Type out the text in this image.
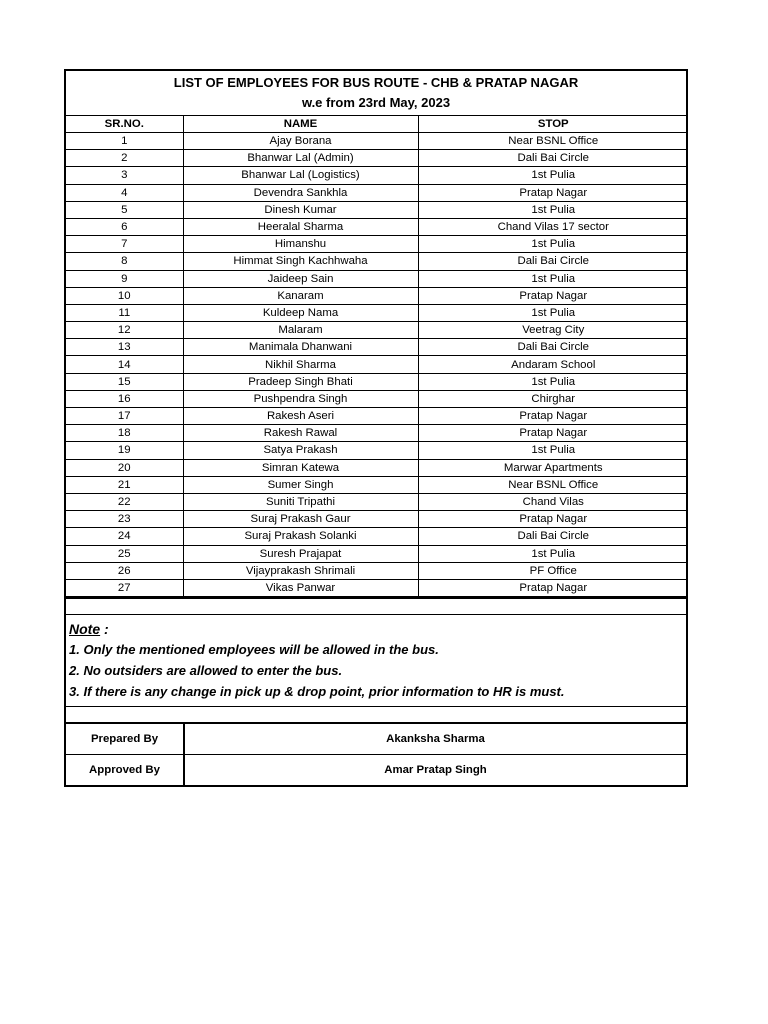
LIST OF EMPLOYEES FOR BUS ROUTE - CHB & PRATAP NAGAR
w.e from 23rd May, 2023
SR.NO.	NAME	STOP
1	Ajay Borana	Near BSNL Office
2	Bhanwar Lal (Admin)	Dali Bai Circle
3	Bhanwar Lal (Logistics)	1st Pulia
4	Devendra Sankhla	Pratap Nagar
5	Dinesh Kumar	1st Pulia
6	Heeralal Sharma	Chand Vilas 17 sector
7	Himanshu	1st Pulia
8	Himmat Singh Kachhwaha	Dali Bai Circle
9	Jaideep Sain	1st Pulia
10	Kanaram	Pratap Nagar
11	Kuldeep Nama	1st Pulia
12	Malaram	Veetrag City
13	Manimala Dhanwani	Dali Bai Circle
14	Nikhil Sharma	Andaram School
15	Pradeep Singh Bhati	1st Pulia
16	Pushpendra Singh	Chirghar
17	Rakesh Aseri	Pratap Nagar
18	Rakesh Rawal	Pratap Nagar
19	Satya Prakash	1st Pulia
20	Simran Katewa	Marwar Apartments
21	Sumer Singh	Near BSNL Office
22	Suniti Tripathi	Chand Vilas
23	Suraj Prakash Gaur	Pratap Nagar
24	Suraj Prakash Solanki	Dali Bai Circle
25	Suresh Prajapat	1st Pulia
26	Vijayprakash Shrimali	PF Office
27	Vikas Panwar	Pratap Nagar
Note :
1. Only the mentioned employees will be allowed in the bus.
2. No outsiders are allowed to enter the bus.
3. If there is any change in pick up & drop point, prior information to HR is must.
Prepared By	Akanksha Sharma
Approved By	Amar Pratap Singh
